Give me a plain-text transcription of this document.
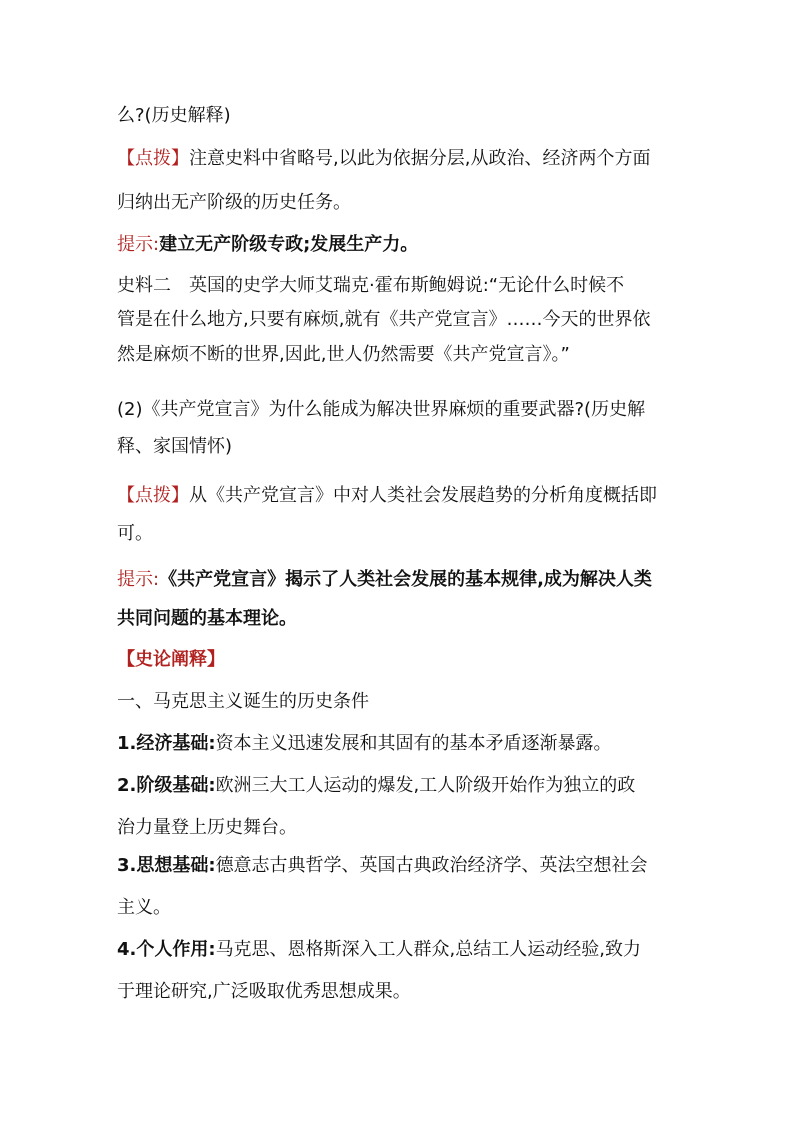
么?(历史解释)
【点拨】注意史料中省略号,以此为依据分层,从政治、经济两个方面
归纳出无产阶级的历史任务。
提示:建立无产阶级专政;发展生产力。
史料二　英国的史学大师艾瑞克·霍布斯鲍姆说:“无论什么时候不
管是在什么地方,只要有麻烦,就有《共产党宣言》……今天的世界依
然是麻烦不断的世界,因此,世人仍然需要《共产党宣言》。”
(2)《共产党宣言》为什么能成为解决世界麻烦的重要武器?(历史解
释、家国情怀)
【点拨】从《共产党宣言》中对人类社会发展趋势的分析角度概括即
可。
提示:《共产党宣言》揭示了人类社会发展的基本规律,成为解决人类
共同问题的基本理论。
【史论阐释】
一、马克思主义诞生的历史条件
1.经济基础:资本主义迅速发展和其固有的基本矛盾逐渐暴露。
2.阶级基础:欧洲三大工人运动的爆发,工人阶级开始作为独立的政
治力量登上历史舞台。
3.思想基础:德意志古典哲学、英国古典政治经济学、英法空想社会
主义。
4.个人作用:马克思、恩格斯深入工人群众,总结工人运动经验,致力
于理论研究,广泛吸取优秀思想成果。
